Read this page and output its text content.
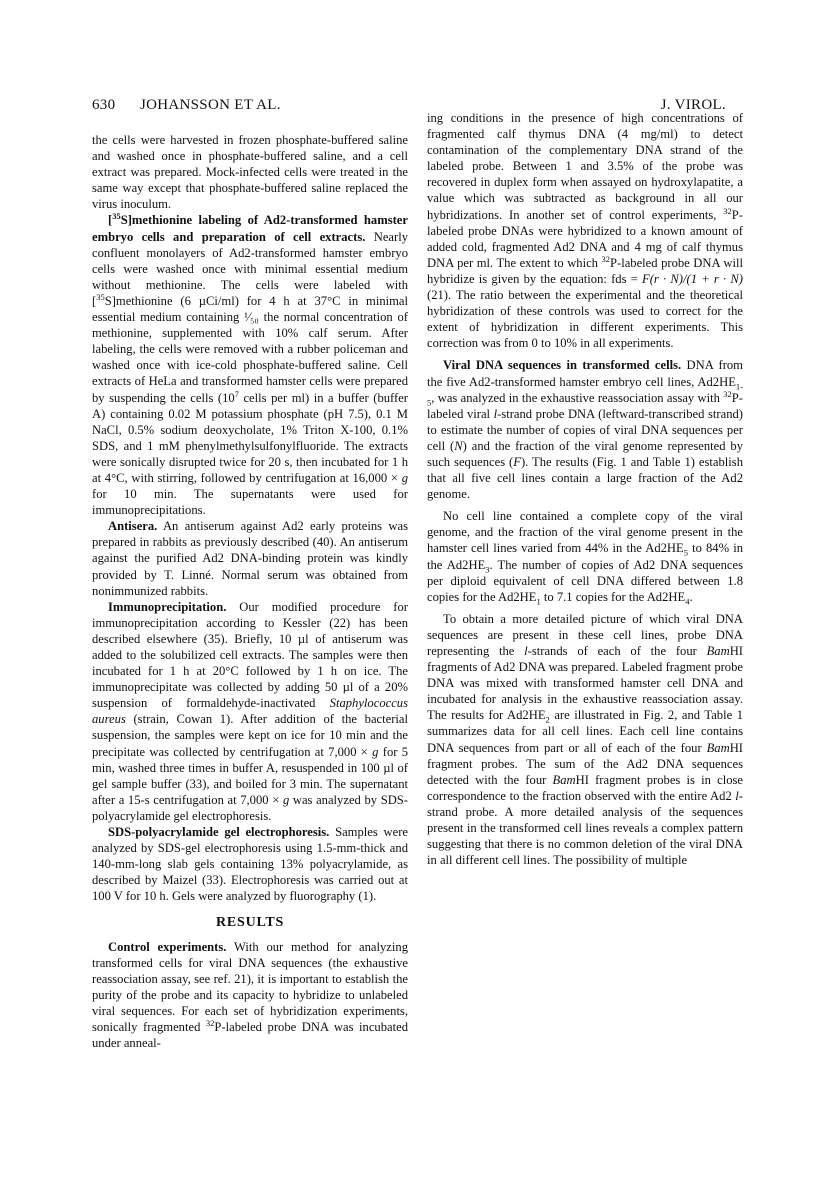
630 JOHANSSON ET AL.	J. VIROL.

the cells were harvested in frozen phosphate-buffered saline and washed once in phosphate-buffered saline, and a cell extract was prepared. Mock-infected cells were treated in the same way except that phosphate-buffered saline replaced the virus inoculum.

[$^{35}$S]methionine labeling of Ad2-transformed hamster embryo cells and preparation of cell extracts. Nearly confluent monolayers of Ad2-transformed hamster embryo cells were washed once with minimal essential medium without methionine. The cells were labeled with [$^{35}$S]methionine (6 µCi/ml) for 4 h at 37°C in minimal essential medium containing ¹⁄₅₀ the normal concentration of methionine, supplemented with 10% calf serum. After labeling, the cells were removed with a rubber policeman and washed once with ice-cold phosphate-buffered saline. Cell extracts of HeLa and transformed hamster cells were prepared by suspending the cells ($10^7$ cells per ml) in a buffer (buffer A) containing 0.02 M potassium phosphate (pH 7.5), 0.1 M NaCl, 0.5% sodium deoxycholate, 1% Triton X-100, 0.1% SDS, and 1 mM phenylmethylsulfonylfluoride. The extracts were sonically disrupted twice for 20 s, then incubated for 1 h at 4°C, with stirring, followed by centrifugation at 16,000 × g for 10 min. The supernatants were used for immunoprecipitations.

Antisera. An antiserum against Ad2 early proteins was prepared in rabbits as previously described (40). An antiserum against the purified Ad2 DNA-binding protein was kindly provided by T. Linné. Normal serum was obtained from nonimmunized rabbits.

Immunoprecipitation. Our modified procedure for immunoprecipitation according to Kessler (22) has been described elsewhere (35). Briefly, 10 µl of antiserum was added to the solubilized cell extracts. The samples were then incubated for 1 h at 20°C followed by 1 h on ice. The immunoprecipitate was collected by adding 50 µl of a 20% suspension of formaldehyde-inactivated Staphylococcus aureus (strain, Cowan 1). After addition of the bacterial suspension, the samples were kept on ice for 10 min and the precipitate was collected by centrifugation at 7,000 × g for 5 min, washed three times in buffer A, resuspended in 100 µl of gel sample buffer (33), and boiled for 3 min. The supernatant after a 15-s centrifugation at 7,000 × g was analyzed by SDS-polyacrylamide gel electrophoresis.

SDS-polyacrylamide gel electrophoresis. Samples were analyzed by SDS-gel electrophoresis using 1.5-mm-thick and 140-mm-long slab gels containing 13% polyacrylamide, as described by Maizel (33). Electrophoresis was carried out at 100 V for 10 h. Gels were analyzed by fluorography (1).

RESULTS

Control experiments. With our method for analyzing transformed cells for viral DNA sequences (the exhaustive reassociation assay, see ref. 21), it is important to establish the purity of the probe and its capacity to hybridize to unlabeled viral sequences. For each set of hybridization experiments, sonically fragmented $^{32}$P-labeled probe DNA was incubated under anneal-

ing conditions in the presence of high concentrations of fragmented calf thymus DNA (4 mg/ml) to detect contamination of the complementary DNA strand of the labeled probe. Between 1 and 3.5% of the probe was recovered in duplex form when assayed on hydroxylapatite, a value which was subtracted as background in all our hybridizations. In another set of control experiments, $^{32}$P-labeled probe DNAs were hybridized to a known amount of added cold, fragmented Ad2 DNA and 4 mg of calf thymus DNA per ml. The extent to which $^{32}$P-labeled probe DNA will hybridize is given by the equation: fds = F(r · N)/(1 + r · N) (21). The ratio between the experimental and the theoretical hybridization of these controls was used to correct for the extent of hybridization in different experiments. This correction was from 0 to 10% in all experiments.

Viral DNA sequences in transformed cells. DNA from the five Ad2-transformed hamster embryo cell lines, $Ad2HE_{1-5}$, was analyzed in the exhaustive reassociation assay with $^{32}$P-labeled viral l-strand probe DNA (leftward-transcribed strand) to estimate the number of copies of viral DNA sequences per cell (N) and the fraction of the viral genome represented by such sequences (F). The results (Fig. 1 and Table 1) establish that all five cell lines contain a large fraction of the Ad2 genome.

No cell line contained a complete copy of the viral genome, and the fraction of the viral genome present in the hamster cell lines varied from 44% in the $Ad2HE_5$ to 84% in the $Ad2HE_3$. The number of copies of Ad2 DNA sequences per diploid equivalent of cell DNA differed between 1.8 copies for the $Ad2HE_1$ to 7.1 copies for the $Ad2HE_4$.

To obtain a more detailed picture of which viral DNA sequences are present in these cell lines, probe DNA representing the l-strands of each of the four BamHI fragments of Ad2 DNA was prepared. Labeled fragment probe DNA was mixed with transformed hamster cell DNA and incubated for analysis in the exhaustive reassociation assay. The results for $Ad2HE_2$ are illustrated in Fig. 2, and Table 1 summarizes data for all cell lines. Each cell line contains DNA sequences from part or all of each of the four BamHI fragment probes. The sum of the Ad2 DNA sequences detected with the four BamHI fragment probes is in close correspondence to the fraction observed with the entire Ad2 l-strand probe. A more detailed analysis of the sequences present in the transformed cell lines reveals a complex pattern suggesting that there is no common deletion of the viral DNA in all different cell lines. The possibility of multiple
